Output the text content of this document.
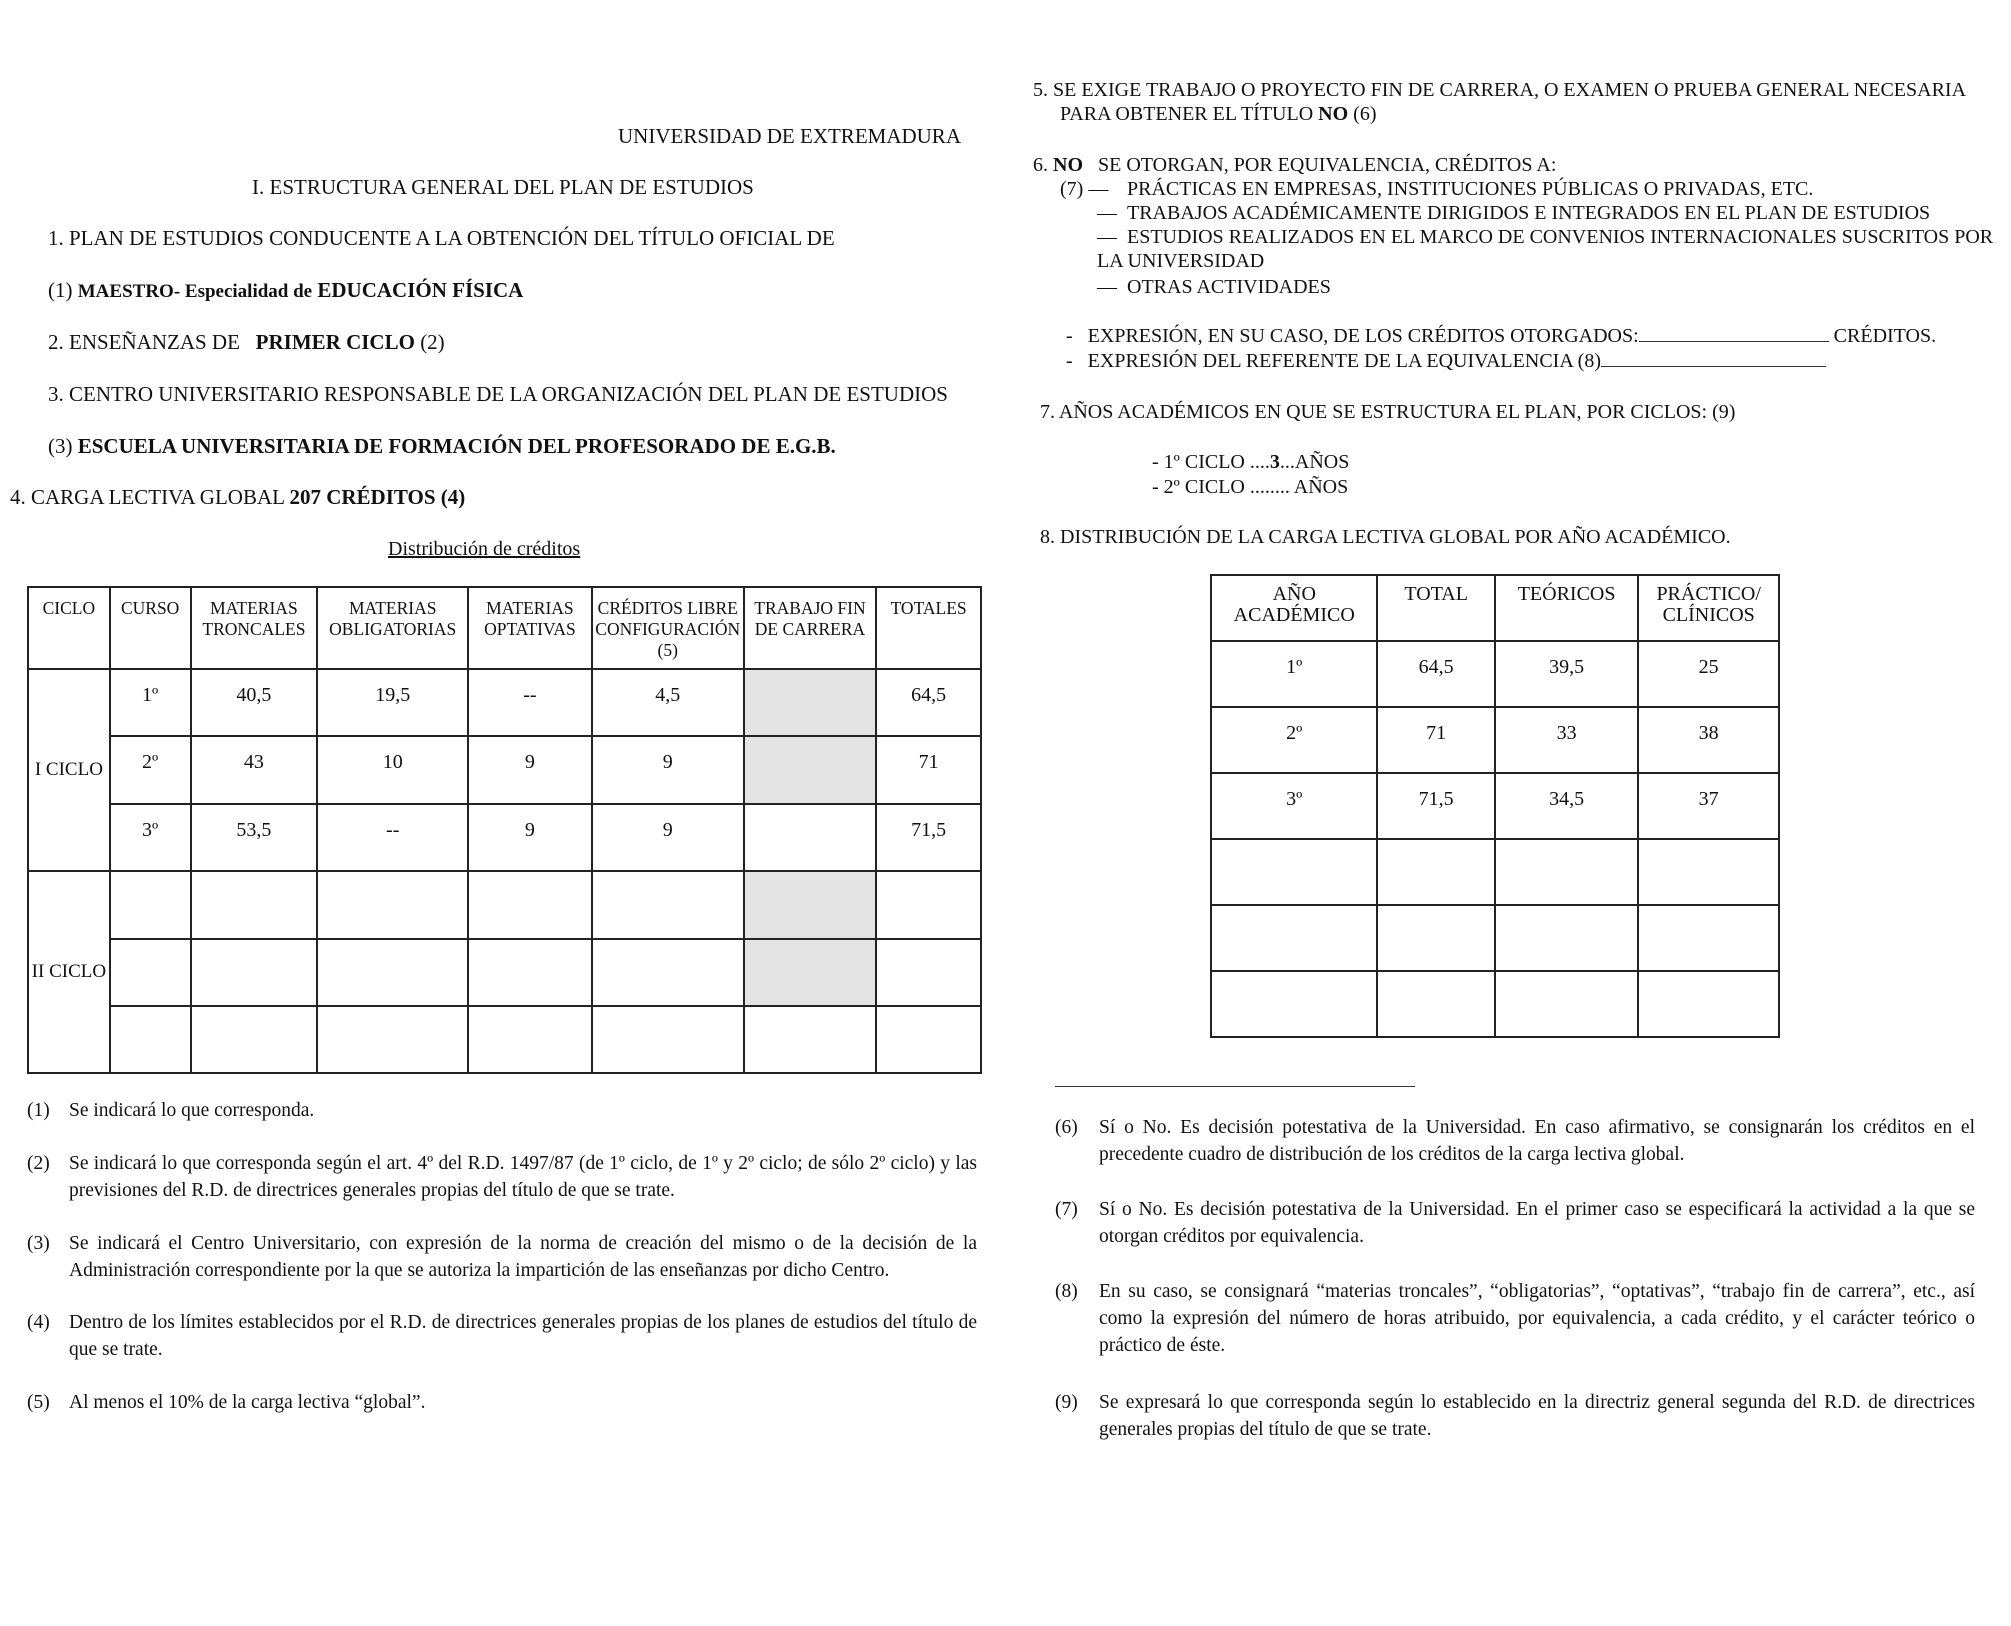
UNIVERSIDAD DE EXTREMADURA
I. ESTRUCTURA GENERAL DEL PLAN DE ESTUDIOS
1. PLAN DE ESTUDIOS CONDUCENTE A LA OBTENCIÓN DEL TÍTULO OFICIAL DE
(1) MAESTRO- Especialidad de EDUCACIÓN FÍSICA
2. ENSEÑANZAS DE PRIMER CICLO (2)
3. CENTRO UNIVERSITARIO RESPONSABLE DE LA ORGANIZACIÓN DEL PLAN DE ESTUDIOS
(3) ESCUELA UNIVERSITARIA DE FORMACIÓN DEL PROFESORADO DE E.G.B.
4. CARGA LECTIVA GLOBAL 207 CRÉDITOS (4)
Distribución de créditos
CICLO	CURSO	MATERIAS TRONCALES	MATERIAS OBLIGATORIAS	MATERIAS OPTATIVAS	CRÉDITOS LIBRE CONFIGURACIÓN (5)	TRABAJO FIN DE CARRERA	TOTALES
I CICLO	1º	40,5	19,5	--	4,5		64,5
	2º	43	10	9	9		71
	3º	53,5	--	9	9		71,5
II CICLO							

(1) Se indicará lo que corresponda.
(2) Se indicará lo que corresponda según el art. 4º del R.D. 1497/87 (de 1º ciclo, de 1º y 2º ciclo; de sólo 2º ciclo) y las previsiones del R.D. de directrices generales propias del título de que se trate.
(3) Se indicará el Centro Universitario, con expresión de la norma de creación del mismo o de la decisión de la Administración correspondiente por la que se autoriza la impartición de las enseñanzas por dicho Centro.
(4) Dentro de los límites establecidos por el R.D. de directrices generales propias de los planes de estudios del título de que se trate.
(5) Al menos el 10% de la carga lectiva “global”.
5. SE EXIGE TRABAJO O PROYECTO FIN DE CARRERA, O EXAMEN O PRUEBA GENERAL NECESARIA
PARA OBTENER EL TÍTULO NO (6)
6. NO SE OTORGAN, POR EQUIVALENCIA, CRÉDITOS A:
(7) — PRÁCTICAS EN EMPRESAS, INSTITUCIONES PÚBLICAS O PRIVADAS, ETC.
— TRABAJOS ACADÉMICAMENTE DIRIGIDOS E INTEGRADOS EN EL PLAN DE ESTUDIOS
— ESTUDIOS REALIZADOS EN EL MARCO DE CONVENIOS INTERNACIONALES SUSCRITOS POR
LA UNIVERSIDAD
— OTRAS ACTIVIDADES
-   EXPRESIÓN, EN SU CASO, DE LOS CRÉDITOS OTORGADOS:	CRÉDITOS.
-   EXPRESIÓN DEL REFERENTE DE LA EQUIVALENCIA (8)
7. AÑOS ACADÉMICOS EN QUE SE ESTRUCTURA EL PLAN, POR CICLOS: (9)
- 1º CICLO ....3...AÑOS
- 2º CICLO ........ AÑOS
8. DISTRIBUCIÓN DE LA CARGA LECTIVA GLOBAL POR AÑO ACADÉMICO.
AÑO ACADÉMICO	TOTAL	TEÓRICOS	PRÁCTICO/ CLÍNICOS
1º	64,5	39,5	25
2º	71	33	38
3º	71,5	34,5	37

(6) Sí o No. Es decisión potestativa de la Universidad. En caso afirmativo, se consignarán los créditos en el precedente cuadro de distribución de los créditos de la carga lectiva global.
(7) Sí o No. Es decisión potestativa de la Universidad. En el primer caso se especificará la actividad a la que se otorgan créditos por equivalencia.
(8) En su caso, se consignará “materias troncales”, “obligatorias”, “optativas”, “trabajo fin de carrera”, etc., así como la expresión del número de horas atribuido, por equivalencia, a cada crédito, y el carácter teórico o práctico de éste.
(9) Se expresará lo que corresponda según lo establecido en la directriz general segunda del R.D. de directrices generales propias del título de que se trate.
